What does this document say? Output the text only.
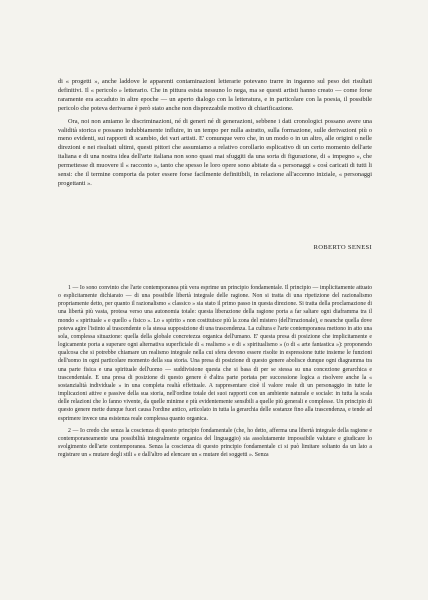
di « progetti », anche laddove le apparenti contaminazioni letterarie potevano trarre in inganno sul peso dei risultati definitivi. Il « pericolo » letterario. Che in pittura esista nessuno lo nega, ma se questi artisti hanno creato — come forse raramente era accaduto in altre epoche — un aperto dialogo con la letteratura, e in particolare con la poesia, il possibile pericolo che poteva derivarne è però stato anche non disprezzabile motivo di chiarificazione.

Ora, noi non amiamo le discriminazioni, né di generi né di generazioni, sebbene i dati cronologici possano avere una validità storica e possano indubbiamente influire, in un tempo per nulla astratto, sulla formazione, sulle derivazioni più o meno evidenti, sui rapporti di scambio, dei vari artisti. E' comunque vero che, in un modo o in un altro, alle origini o nelle direzioni e nei risultati ultimi, questi pittori che assumiamo a relativo corollario esplicativo di un certo momento dell'arte italiana e di una nostra idea dell'arte italiana non sono quasi mai sfuggiti da una sorta di figurazione, di « impegno », che permettesse di muovere il « racconto », tanto che spesso le loro opere sono abitate da « personaggi » così caricati di tutti li sensi: che il termine comporta da poter essere forse facilmente definitibili, in relazione all'accenno iniziale, « personaggi progettanti ».

ROBERTO SENESI

1 — Io sono convinto che l'arte contemporanea più vera esprime un principio fondamentale. Il principio — implicitamente attuato o esplicitamente dichiarato — di una possibile libertà integrale delle ragione. Non si tratta di una ripetizione del razionalismo propriamente detto, per quanto il razionalismo « classico » sia stato il primo passo in questa direzione. Si tratta della proclamazione di una libertà più vasta, protesa verso una autonomia totale: questa liberazione della ragione porta a far saltare ogni diaframma tra il mondo « spirituale » e quello « fisico ». Lo « spirito » non costituisce più la zona del mistero (dell'irrazionale), e neanche quella dove poteva agire l'istinto al trascendente o la stessa supposizione di una trascendenza. La cultura e l'arte contemporanea mettono in atto una sola, complessa situazione: quella della globale concretezza organica dell'umano. E' questa presa di posizione che implicitamente e logicamente porta a superare ogni alternativa superficiale di « realismo » e di « spiritualismo » (o di « arte fantastica »): proponendo qualcosa che si potrebbe chiamare un realismo integrale nella cui sfera devono essere risolte in espressione tutte insieme le funzioni dell'uomo in ogni particolare momento della sua storia. Una presa di posizione di questo genere abolisce dunque ogni diagramma tra una parte fisica e una spirituale dell'uomo — suddivisione questa che si basa di per se stessa su una concezione gerarchica e trascendentale. E una presa di posizione di questo genere è d'altra parte portata per successione logica a risolvere anche la « sostanzialità individuale » in una completa realtà effettuale. A rappresentare cioè il valore reale di un personaggio in tutte le implicazioni attive e passive della sua storia, nell'ordine totale dei suoi rapporti con un ambiente naturale e sociale: in tutta la scala delle relazioni che lo fanno vivente, da quelle minime e più evidentemente sensibili a quelle più generali e complesse. Un principio di questo genere mette dunque fuori causa l'ordine antico, articolato in tutta la gerarchia delle sostanze fino alla trascendenza, e tende ad esprimere invece una esistenza reale complessa quanto organica.

2 — Io credo che senza la coscienza di questo principio fondamentale (che, ho detto, afferma una libertà integrale della ragione e contemporaneamente una possibilità integralmente organica del linguaggio) sia assolutamente impossibile valutare e giudicare lo svolgimento dell'arte contemporanea. Senza la coscienza di questo principio fondamentale ci si può limitare soltanto da un lato a registrare un « mutare degli stili » e dall'altro ad elencare un « mutare dei soggetti ». Senza
